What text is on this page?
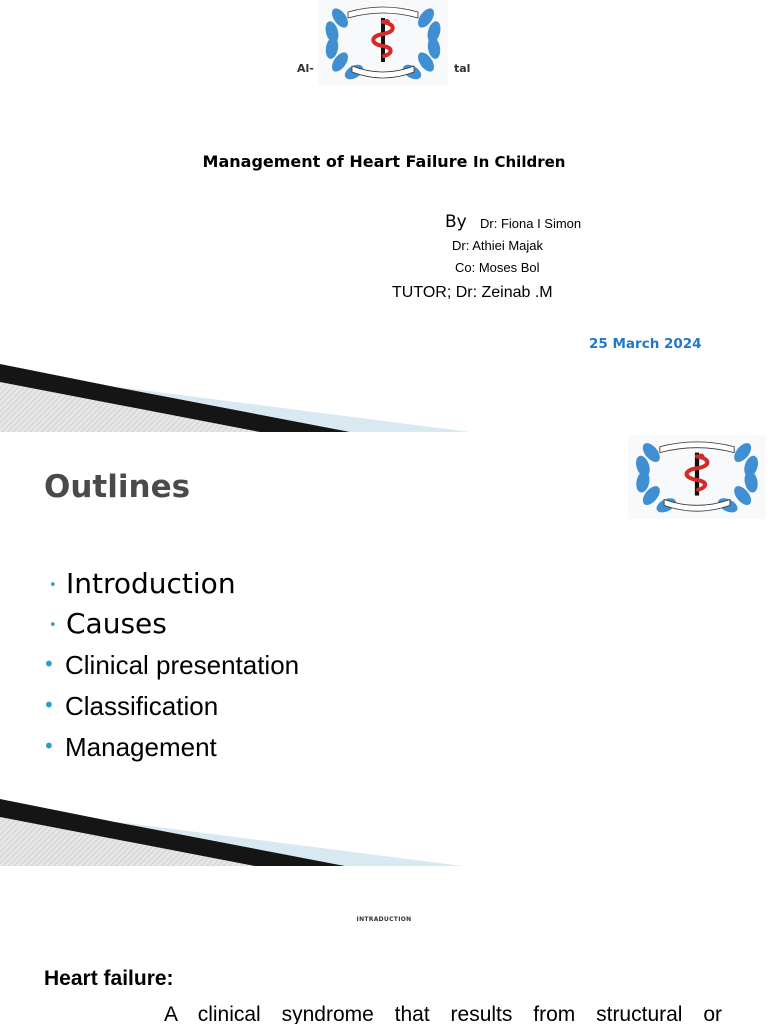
Al-	tal
Management of Heart Failure In Children
By Dr: Fiona I Simon
Dr: Athiei Majak
Co: Moses Bol
TUTOR; Dr: Zeinab .M
25 March 2024
Outlines
• Introduction
• Causes
• Clinical presentation
• Classification
• Management
INTRADUCTION
Heart failure:
A clinical syndrome that results from structural or
